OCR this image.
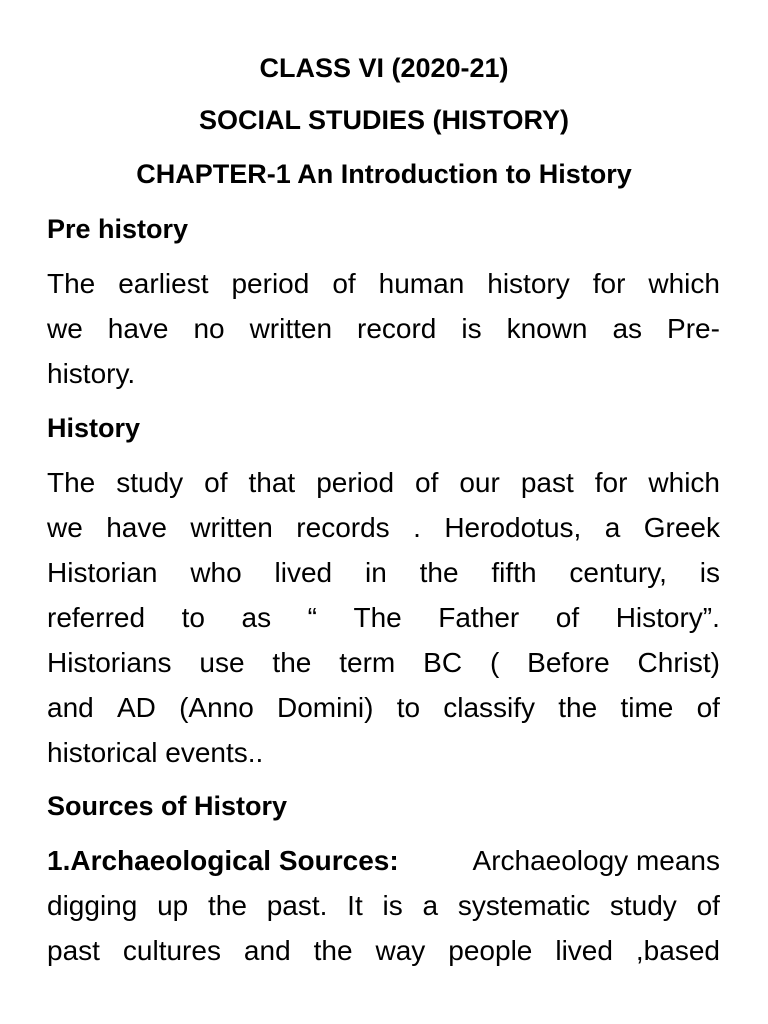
CLASS VI (2020-21)
SOCIAL STUDIES (HISTORY)
CHAPTER-1 An Introduction to History
Pre history
The earliest period of human history for which
we have no written record is known as Pre-
history.
History
The study of that period of our past for which
we have written records . Herodotus, a Greek
Historian who lived in the fifth century, is
referred to as “ The Father of History”.
Historians use the term BC ( Before Christ)
and AD (Anno Domini) to classify the time of
historical events..
Sources of History
1.Archaeological Sources:	Archaeology means
digging up the past. It is a systematic study of
past cultures and the way people lived ,based
